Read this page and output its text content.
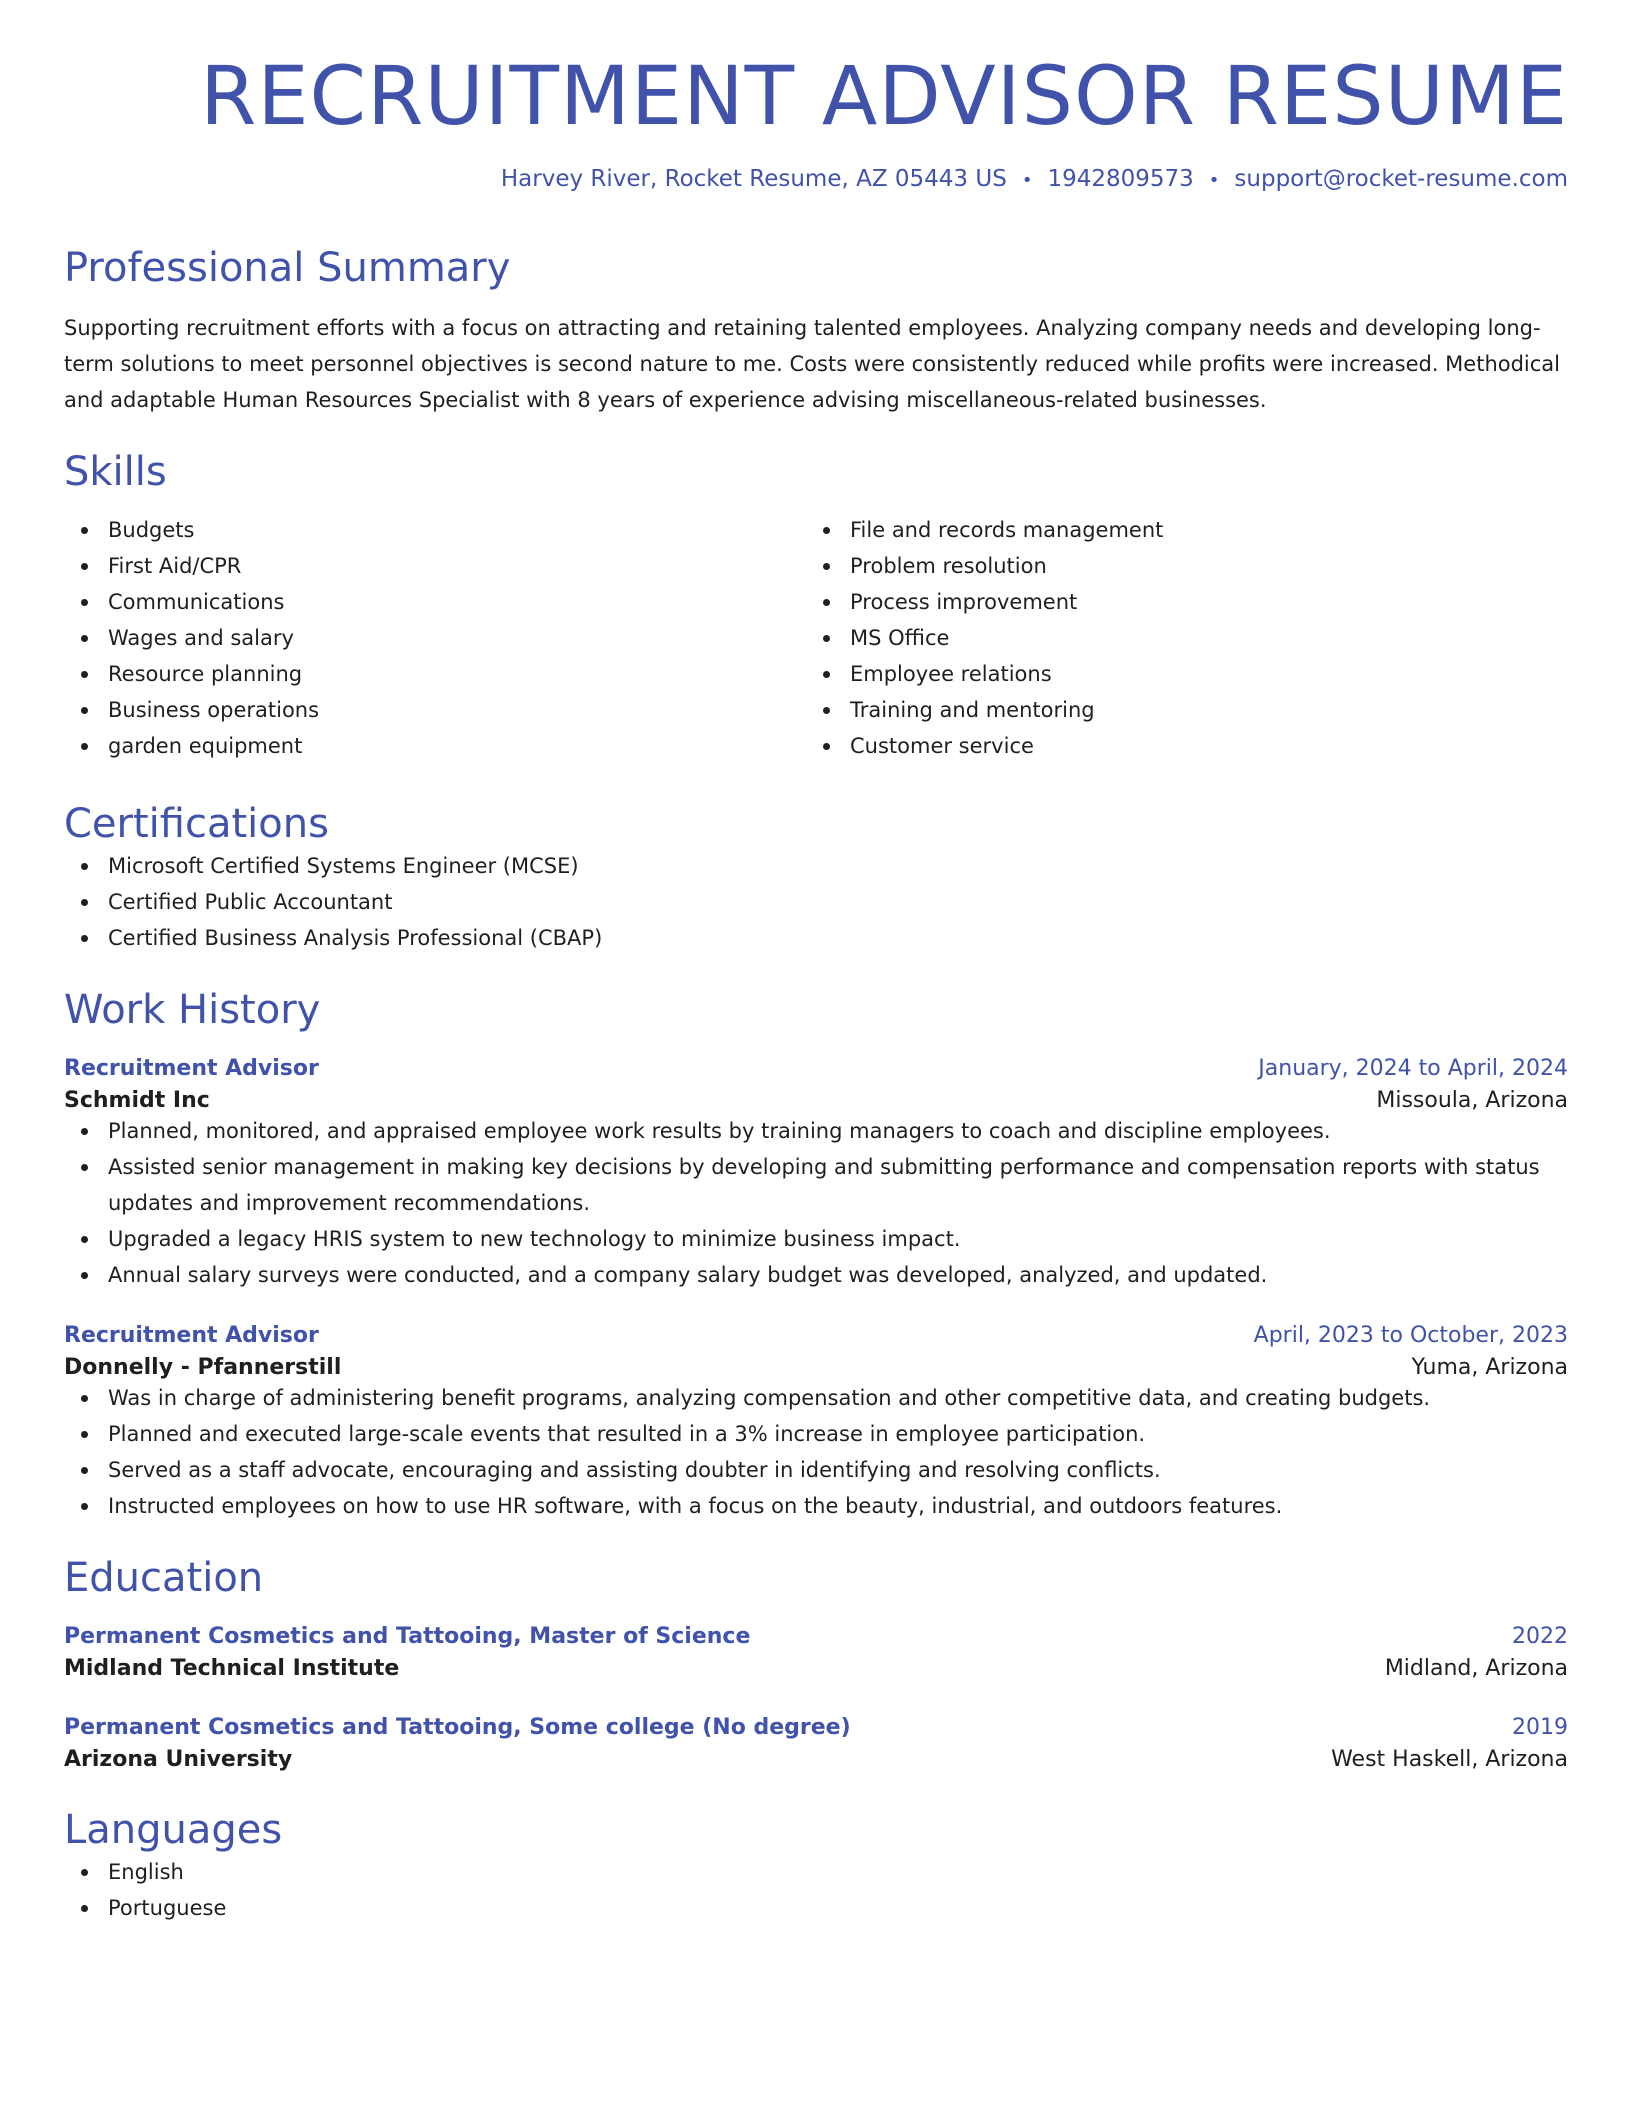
RECRUITMENT ADVISOR RESUME
Harvey River, Rocket Resume, AZ 05443 US • 1942809573 • support@rocket-resume.com
Professional Summary

Supporting recruitment efforts with a focus on attracting and retaining talented employees. Analyzing company needs and developing long-term solutions to meet personnel objectives is second nature to me. Costs were consistently reduced while profits were increased. Methodical and adaptable Human Resources Specialist with 8 years of experience advising miscellaneous-related businesses.

Skills
Budgets
First Aid/CPR
Communications
Wages and salary
Resource planning
Business operations
garden equipment
File and records management
Problem resolution
Process improvement
MS Office
Employee relations
Training and mentoring
Customer service
Certifications
Microsoft Certified Systems Engineer (MCSE)
Certified Public Accountant
Certified Business Analysis Professional (CBAP)
Work History
Recruitment Advisor	January, 2024 to April, 2024
Schmidt Inc	Missoula, Arizona
Planned, monitored, and appraised employee work results by training managers to coach and discipline employees.
Assisted senior management in making key decisions by developing and submitting performance and compensation reports with status updates and improvement recommendations.
Upgraded a legacy HRIS system to new technology to minimize business impact.
Annual salary surveys were conducted, and a company salary budget was developed, analyzed, and updated.
Recruitment Advisor	April, 2023 to October, 2023
Donnelly - Pfannerstill	Yuma, Arizona
Was in charge of administering benefit programs, analyzing compensation and other competitive data, and creating budgets.
Planned and executed large-scale events that resulted in a 3% increase in employee participation.
Served as a staff advocate, encouraging and assisting doubter in identifying and resolving conflicts.
Instructed employees on how to use HR software, with a focus on the beauty, industrial, and outdoors features.
Education
Permanent Cosmetics and Tattooing, Master of Science	2022
Midland Technical Institute	Midland, Arizona
Permanent Cosmetics and Tattooing, Some college (No degree)	2019
Arizona University	West Haskell, Arizona
Languages
English
Portuguese
